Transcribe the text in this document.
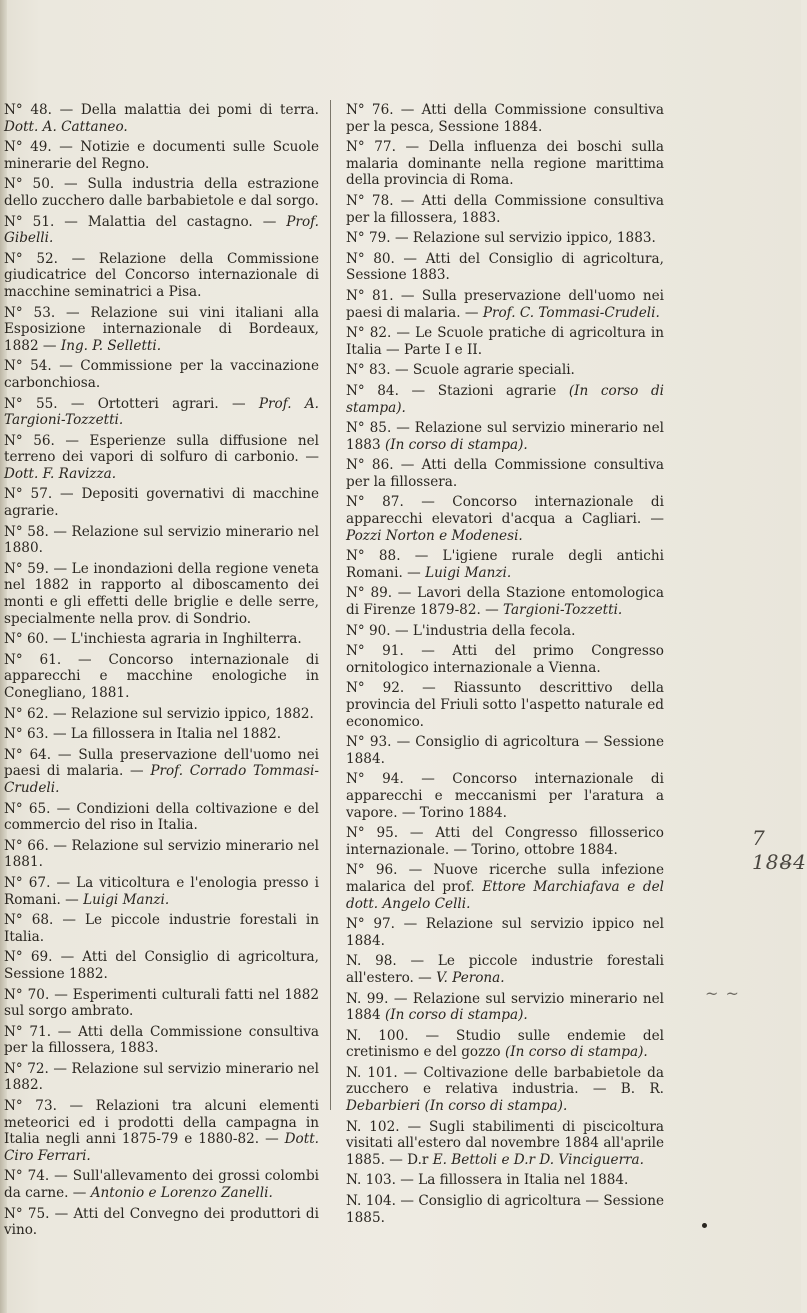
N° 48. — Della malattia dei pomi di terra. Dott. A. Cattaneo.

N° 49. — Notizie e documenti sulle Scuole minerarie del Regno.

N° 50. — Sulla industria della estrazione dello zucchero dalle barbabietole e dal sorgo.

N° 51. — Malattia del castagno. — Prof. Gibelli.

N° 52. — Relazione della Commissione giudicatrice del Concorso internazionale di macchine seminatrici a Pisa.

N° 53. — Relazione sui vini italiani alla Esposizione internazionale di Bordeaux, 1882 — Ing. P. Selletti.

N° 54. — Commissione per la vaccinazione carbonchiosa.

N° 55. — Ortotteri agrari. — Prof. A. Targioni-Tozzetti.

N° 56. — Esperienze sulla diffusione nel terreno dei vapori di solfuro di carbonio. — Dott. F. Ravizza.

N° 57. — Depositi governativi di macchine agrarie.

N° 58. — Relazione sul servizio minerario nel 1880.

N° 59. — Le inondazioni della regione veneta nel 1882 in rapporto al diboscamento dei monti e gli effetti delle briglie e delle serre, specialmente nella prov. di Sondrio.

N° 60. — L'inchiesta agraria in Inghilterra.

N° 61. — Concorso internazionale di apparecchi e macchine enologiche in Conegliano, 1881.

N° 62. — Relazione sul servizio ippico, 1882.

N° 63. — La fillossera in Italia nel 1882.

N° 64. — Sulla preservazione dell'uomo nei paesi di malaria. — Prof. Corrado Tommasi-Crudeli.

N° 65. — Condizioni della coltivazione e del commercio del riso in Italia.

N° 66. — Relazione sul servizio minerario nel 1881.

N° 67. — La viticoltura e l'enologia presso i Romani. — Luigi Manzi.

N° 68. — Le piccole industrie forestali in Italia.

N° 69. — Atti del Consiglio di agricoltura, Sessione 1882.

N° 70. — Esperimenti culturali fatti nel 1882 sul sorgo ambrato.

N° 71. — Atti della Commissione consultiva per la fillossera, 1883.

N° 72. — Relazione sul servizio minerario nel 1882.

N° 73. — Relazioni tra alcuni elementi meteorici ed i prodotti della campagna in Italia negli anni 1875-79 e 1880-82. — Dott. Ciro Ferrari.

N° 74. — Sull'allevamento dei grossi colombi da carne. — Antonio e Lorenzo Zanelli.

N° 75. — Atti del Convegno dei produttori di vino.

N° 76. — Atti della Commissione consultiva per la pesca, Sessione 1884.

N° 77. — Della influenza dei boschi sulla malaria dominante nella regione marittima della provincia di Roma.

N° 78. — Atti della Commissione consultiva per la fillossera, 1883.

N° 79. — Relazione sul servizio ippico, 1883.

N° 80. — Atti del Consiglio di agricoltura, Sessione 1883.

N° 81. — Sulla preservazione dell'uomo nei paesi di malaria. — Prof. C. Tommasi-Crudeli.

N° 82. — Le Scuole pratiche di agricoltura in Italia — Parte I e II.

N° 83. — Scuole agrarie speciali.

N° 84. — Stazioni agrarie (In corso di stampa).

N° 85. — Relazione sul servizio minerario nel 1883 (In corso di stampa).

N° 86. — Atti della Commissione consultiva per la fillossera.

N° 87. — Concorso internazionale di apparecchi elevatori d'acqua a Cagliari. — Pozzi Norton e Modenesi.

N° 88. — L'igiene rurale degli antichi Romani. — Luigi Manzi.

N° 89. — Lavori della Stazione entomologica di Firenze 1879-82. — Targioni-Tozzetti.

N° 90. — L'industria della fecola.

N° 91. — Atti del primo Congresso ornitologico internazionale a Vienna.

N° 92. — Riassunto descrittivo della provincia del Friuli sotto l'aspetto naturale ed economico.

N° 93. — Consiglio di agricoltura — Sessione 1884.

N° 94. — Concorso internazionale di apparecchi e meccanismi per l'aratura a vapore. — Torino 1884.

N° 95. — Atti del Congresso fillosserico internazionale. — Torino, ottobre 1884.

N° 96. — Nuove ricerche sulla infezione malarica del prof. Ettore Marchiafava e del dott. Angelo Celli.

N° 97. — Relazione sul servizio ippico nel 1884.

N. 98. — Le piccole industrie forestali all'estero. — V. Perona.

N. 99. — Relazione sul servizio minerario nel 1884 (In corso di stampa).

N. 100. — Studio sulle endemie del cretinismo e del gozzo (In corso di stampa).

N. 101. — Coltivazione delle barbabietole da zucchero e relativa industria. — B. R. Debarbieri (In corso di stampa).

N. 102. — Sugli stabilimenti di piscicoltura visitati all'estero dal novembre 1884 all'aprile 1885. — D.r E. Bettoli e D.r D. Vinciguerra.

N. 103. — La fillossera in Italia nel 1884.

N. 104. — Consiglio di agricoltura — Sessione 1885.

7 188̶4
~ ~
